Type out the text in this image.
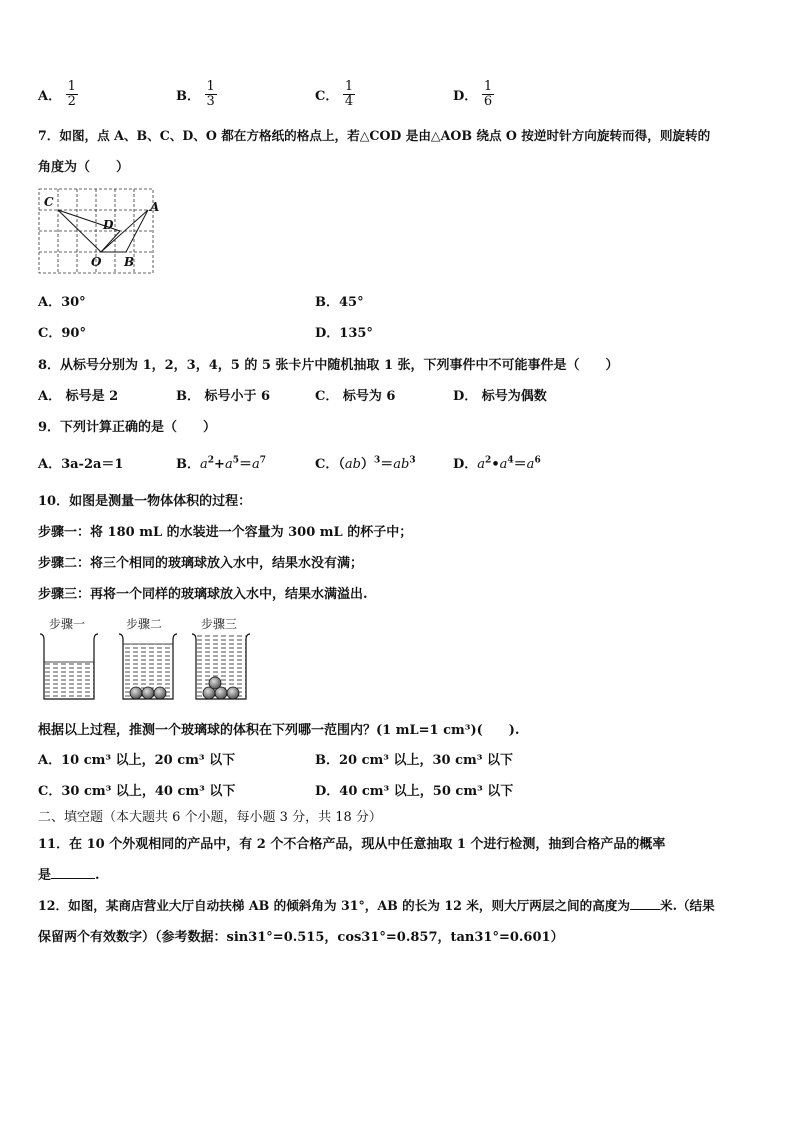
A． $\frac{1}{2}$	B． $\frac{1}{3}$	C． $\frac{1}{4}$	D． $\frac{1}{6}$
7．如图，点 A、B、C、D、O 都在方格纸的格点上，若△COD 是由△AOB 绕点 O 按逆时针方向旋转而得，则旋转的
角度为（　　）
C
D
A
O B
A．30°	B．45°
C．90°	D．135°
8．从标号分别为 1，2，3，4，5 的 5 张卡片中随机抽取 1 张，下列事件中不可能事件是（　　）
A． 标号是 2	B． 标号小于 6	C． 标号为 6	D． 标号为偶数
9．下列计算正确的是（　　）
A．3a-2a＝1	B．$a^2+a^5=a^7$	C．$(ab)^3=ab^3$	D．$a^2•a^4=a^6$
10．如图是测量一物体体积的过程：
步骤一：将 180 mL 的水装进一个容量为 300 mL 的杯子中；
步骤二：将三个相同的玻璃球放入水中，结果水没有满；
步骤三：再将一个同样的玻璃球放入水中，结果水满溢出.
步骤一	步骤二	步骤三
根据以上过程，推测一个玻璃球的体积在下列哪一范围内？(1 mL=1 cm³)(　　).
A．10 cm³ 以上，20 cm³ 以下	B．20 cm³ 以上，30 cm³ 以下
C．30 cm³ 以上，40 cm³ 以下	D．40 cm³ 以上，50 cm³ 以下
二、填空题（本大题共 6 个小题，每小题 3 分，共 18 分）
11．在 10 个外观相同的产品中，有 2 个不合格产品，现从中任意抽取 1 个进行检测，抽到合格产品的概率
是	.
12．如图，某商店营业大厅自动扶梯 AB 的倾斜角为 31°，AB 的长为 12 米，则大厅两层之间的高度为 米.（结果
保留两个有效数字）（参考数据：sin31°=0.515，cos31°=0.857，tan31°=0.601）
